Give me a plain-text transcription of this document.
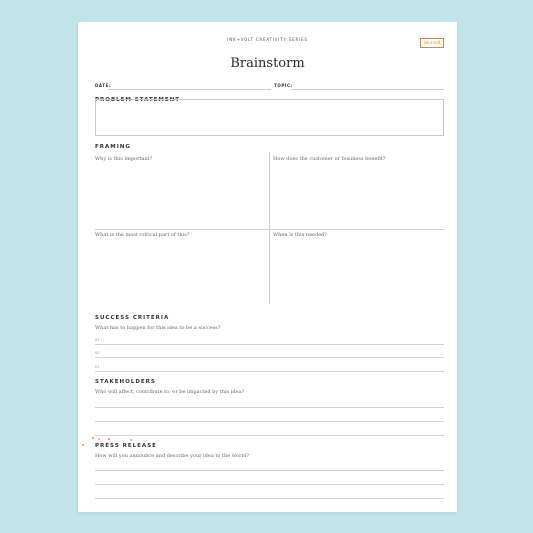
INK+VOLT CREATIVITY SERIES
ink+volt
Brainstorm
DATE:	TOPIC:
PROBLEM STATEMENT
FRAMING
Why is this important?	How does the customer or business benefit?
What is the most critical part of this?	When is this needed?
SUCCESS CRITERIA
What has to happen for this idea to be a success?
01
02
03
STAKEHOLDERS
Who will affect, contribute to, or be impacted by this idea?
PRESS RELEASE
How will you announce and describe your idea to the world?
